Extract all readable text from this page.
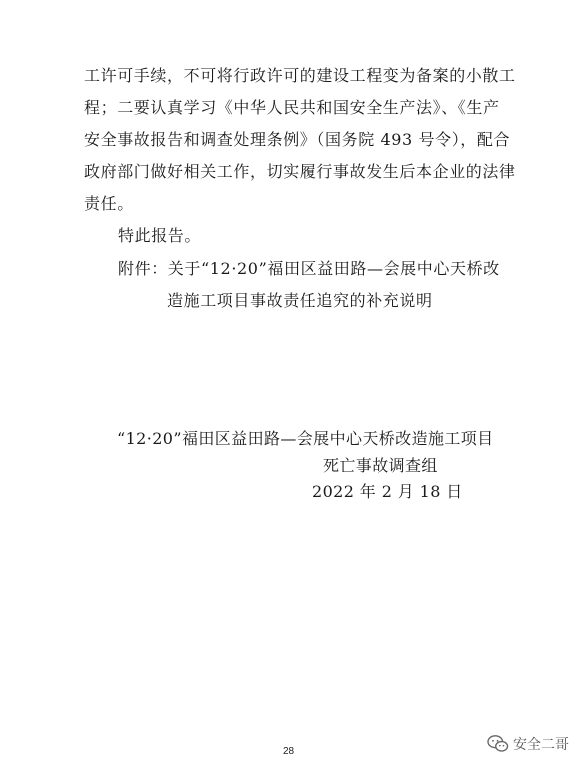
工许可手续，不可将行政许可的建设工程变为备案的小散工
程；二要认真学习《中华人民共和国安全生产法》、《生产
安全事故报告和调查处理条例》（国务院 493 号令），配合
政府部门做好相关工作，切实履行事故发生后本企业的法律
责任。
特此报告。
附件：关于“12·20”福田区益田路—会展中心天桥改
造施工项目事故责任追究的补充说明
“12·20”福田区益田路—会展中心天桥改造施工项目
死亡事故调查组
2022 年 2 月 18 日
28	安全二哥
